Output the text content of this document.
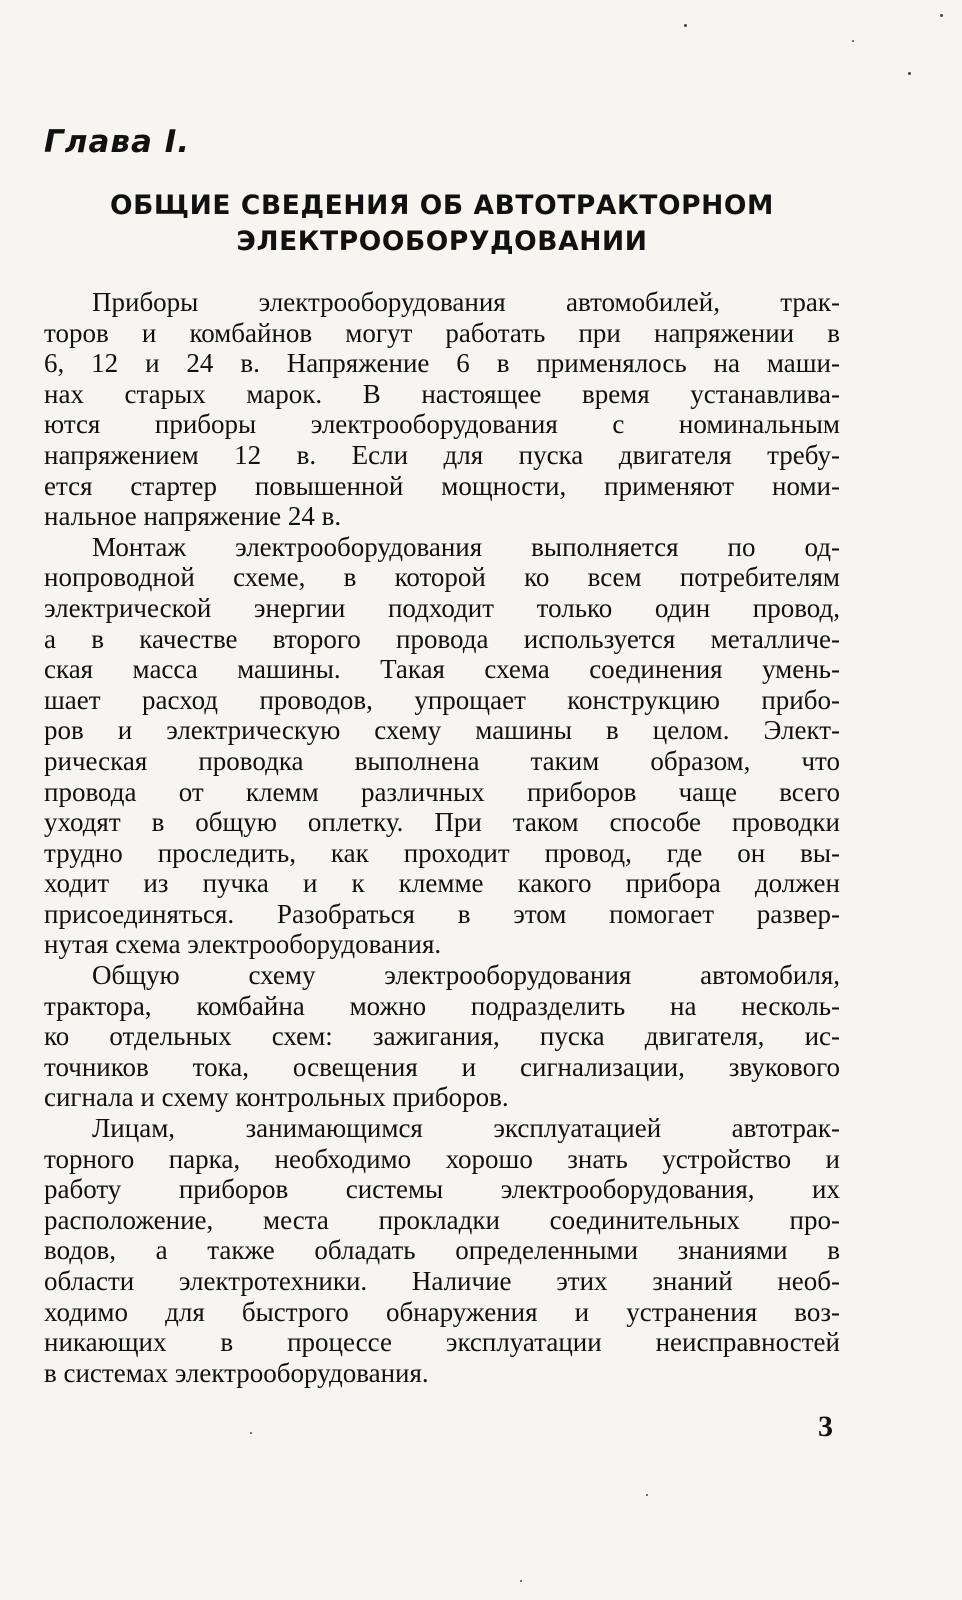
Глава I.
ОБЩИЕ СВЕДЕНИЯ ОБ АВТОТРАКТОРНОМ
ЭЛЕКТРООБОРУДОВАНИИ
Приборы электрооборудования автомобилей, трак-
торов и комбайнов могут работать при напряжении в
6, 12 и 24 в. Напряжение 6 в применялось на маши-
нах старых марок. В настоящее время устанавлива-
ются приборы электрооборудования с номинальным
напряжением 12 в. Если для пуска двигателя требу-
ется стартер повышенной мощности, применяют номи-
нальное напряжение 24 в.
Монтаж электрооборудования выполняется по од-
нопроводной схеме, в которой ко всем потребителям
электрической энергии подходит только один провод,
а в качестве второго провода используется металличе-
ская масса машины. Такая схема соединения умень-
шает расход проводов, упрощает конструкцию прибо-
ров и электрическую схему машины в целом. Элект-
рическая проводка выполнена таким образом, что
провода от клемм различных приборов чаще всего
уходят в общую оплетку. При таком способе проводки
трудно проследить, как проходит провод, где он вы-
ходит из пучка и к клемме какого прибора должен
присоединяться. Разобраться в этом помогает развер-
нутая схема электрооборудования.
Общую схему электрооборудования автомобиля,
трактора, комбайна можно подразделить на несколь-
ко отдельных схем: зажигания, пуска двигателя, ис-
точников тока, освещения и сигнализации, звукового
сигнала и схему контрольных приборов.
Лицам, занимающимся эксплуатацией автотрак-
торного парка, необходимо хорошо знать устройство и
работу приборов системы электрооборудования, их
расположение, места прокладки соединительных про-
водов, а также обладать определенными знаниями в
области электротехники. Наличие этих знаний необ-
ходимо для быстрого обнаружения и устранения воз-
никающих в процессе эксплуатации неисправностей
в системах электрооборудования.
3
